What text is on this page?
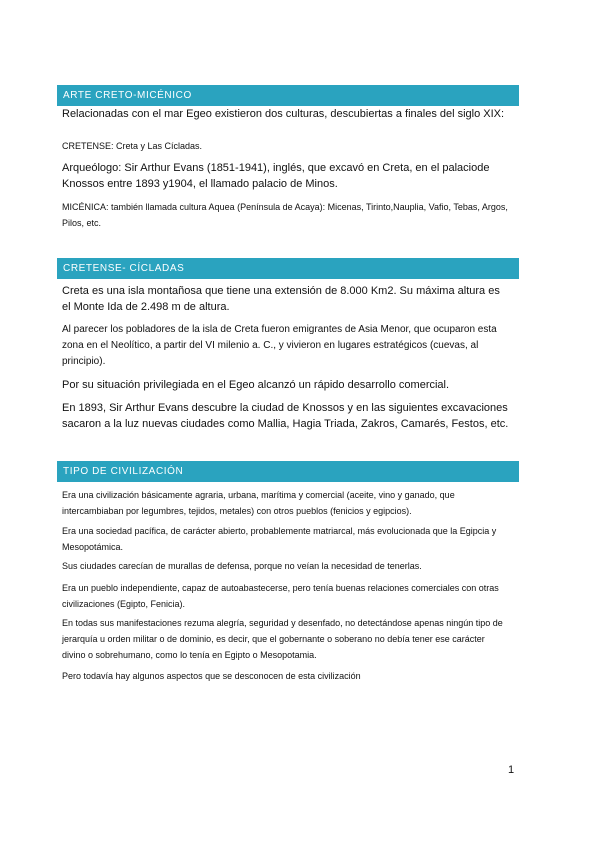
ARTE CRETO-MICÉNICO

Relacionadas con el mar Egeo existieron dos culturas, descubiertas a finales del siglo XIX:

CRETENSE: Creta y Las Cícladas.

Arqueólogo: Sir Arthur Evans (1851-1941), inglés, que excavó en Creta, en el palaciode Knossos entre 1893 y1904, el llamado palacio de Minos.

MICÉNICA: también llamada cultura Aquea (Península de Acaya): Micenas, Tirinto,Nauplia, Vafio, Tebas, Argos, Pilos, etc.

CRETENSE- CÍCLADAS

Creta es una isla montañosa que tiene una extensión de 8.000 Km2. Su máxima altura es el Monte Ida de 2.498 m de altura.

Al parecer los pobladores de la isla de Creta fueron emigrantes de Asia Menor, que ocuparon esta zona en el Neolítico, a partir del VI milenio a. C., y vivieron en lugares estratégicos (cuevas, al principio).

Por su situación privilegiada en el Egeo alcanzó un rápido desarrollo comercial.

En 1893, Sir Arthur Evans descubre la ciudad de Knossos y en las siguientes excavaciones sacaron a la luz nuevas ciudades como Mallia, Hagia Triada, Zakros, Camarés, Festos, etc.

TIPO DE CIVILIZACIÓN

Era una civilización básicamente agraria, urbana, marítima y comercial (aceite, vino y ganado, que intercambiaban por legumbres, tejidos, metales) con otros pueblos (fenicios y egipcios).

Era una sociedad pacífica, de carácter abierto, probablemente matriarcal, más evolucionada que la Egipcia y Mesopotámica.

Sus ciudades carecían de murallas de defensa, porque no veían la necesidad de tenerlas.

Era un pueblo independiente, capaz de autoabastecerse, pero tenía buenas relaciones comerciales con otras civilizaciones (Egipto, Fenicia).

En todas sus manifestaciones rezuma alegría, seguridad y desenfado, no detectándose apenas ningún tipo de jerarquía u orden militar o de dominio, es decir, que el gobernante o soberano no debía tener ese carácter divino o sobrehumano, como lo tenía en Egipto o Mesopotamia.

Pero todavía hay algunos aspectos que se desconocen de esta civilización

1
